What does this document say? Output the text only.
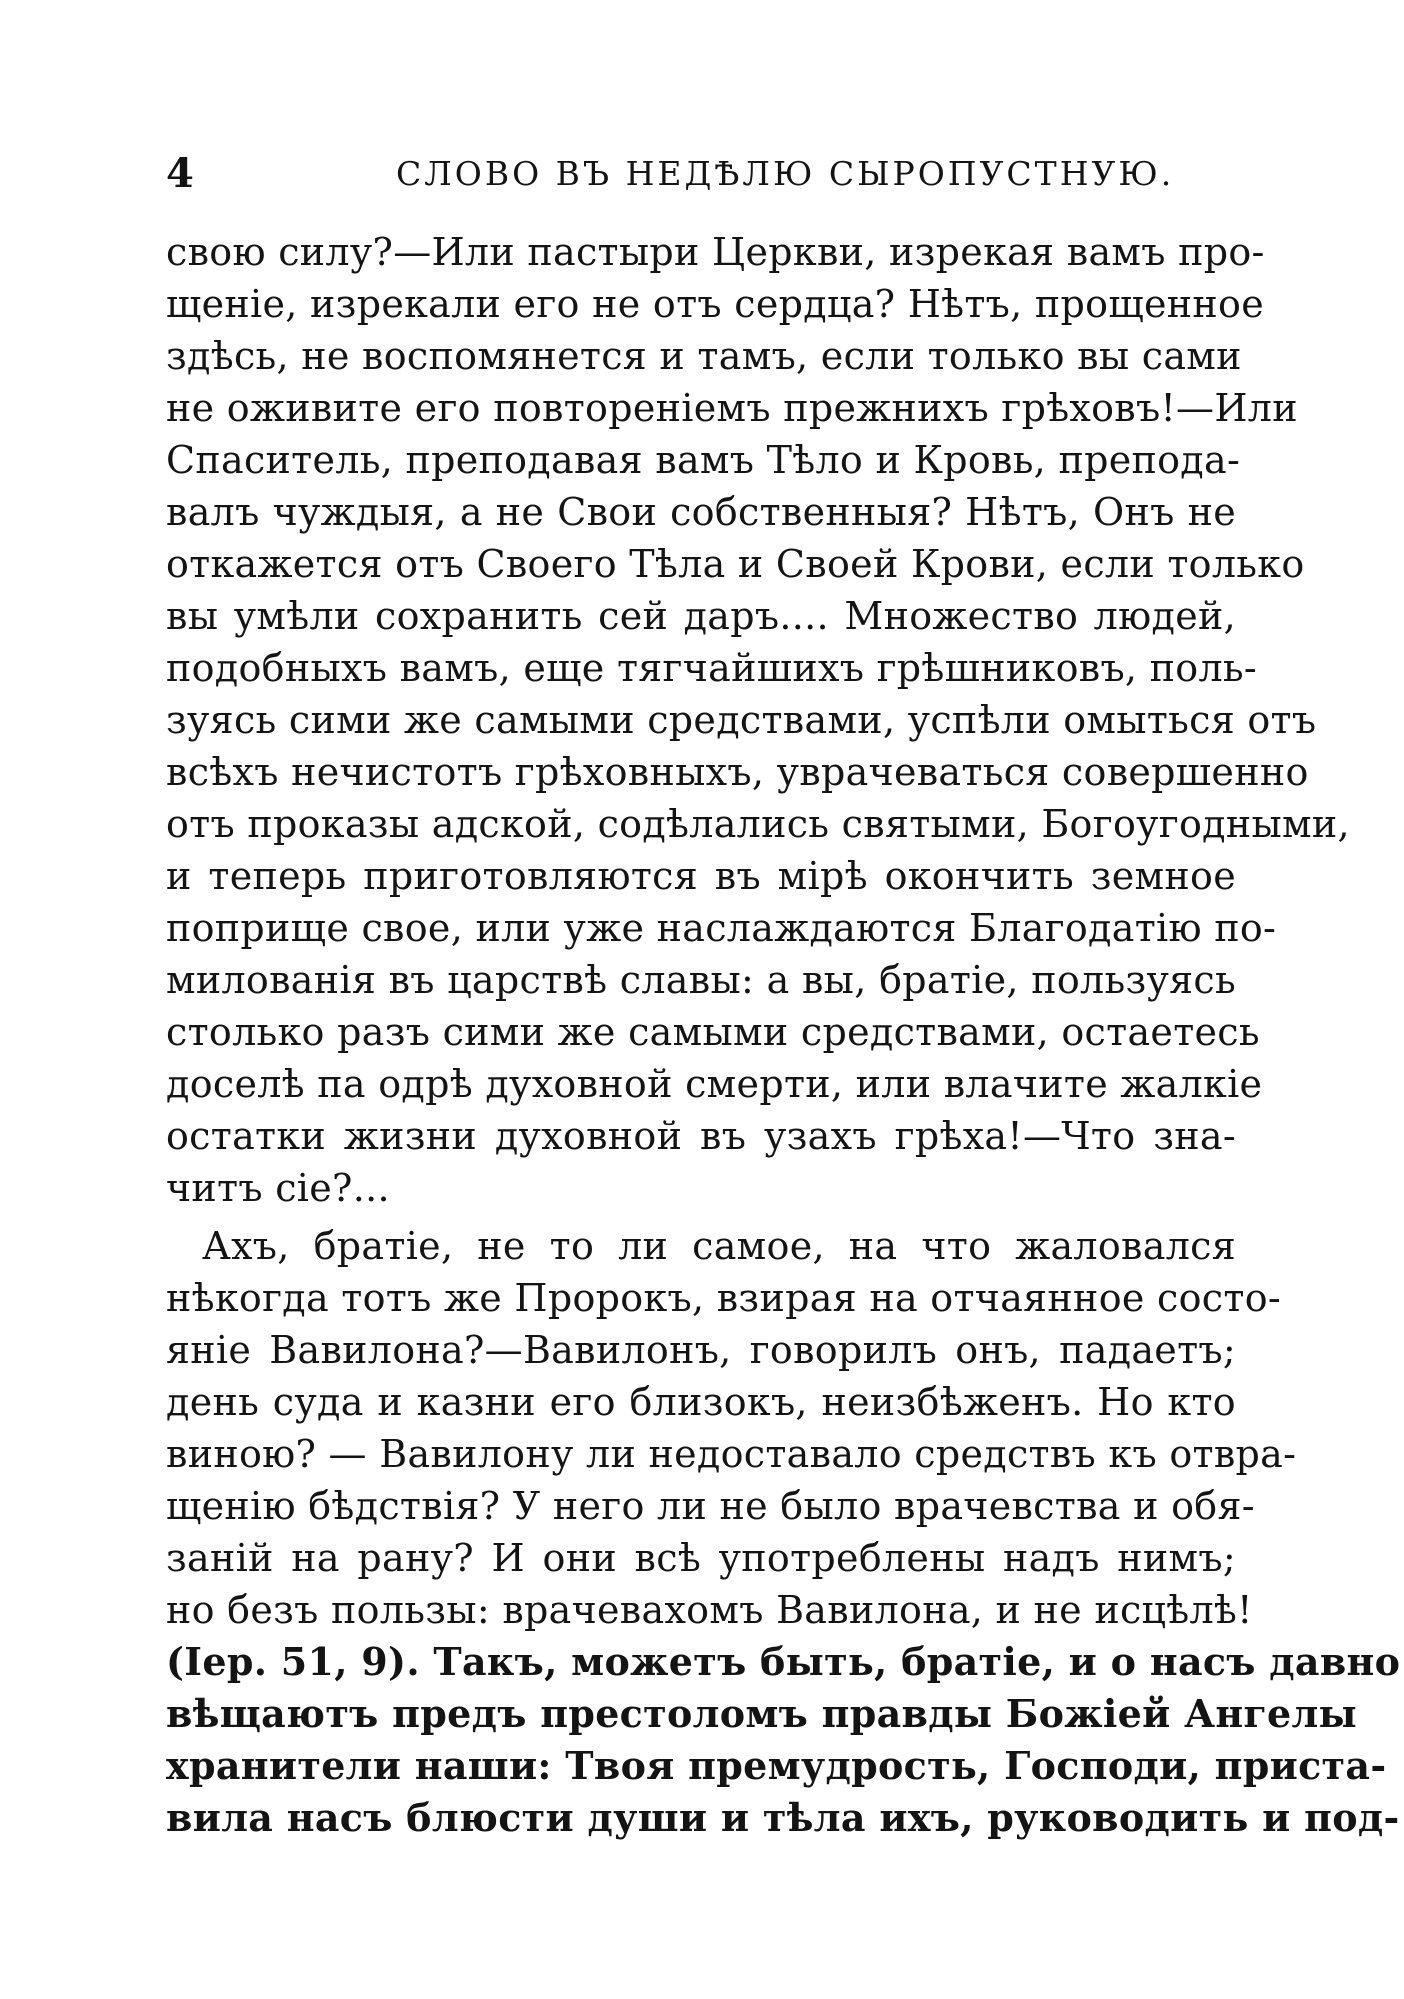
4	СЛОВО ВЪ НЕДѢЛЮ СЫРОПУСТНУЮ.
свою силу?—Или пастыри Церкви, изрекая вамъ про-
щеніе, изрекали его не отъ сердца? Нѣтъ, прощенное
здѣсь, не воспомянется и тамъ, если только вы сами
не оживите его повтореніемъ прежнихъ грѣховъ!—Или
Спаситель, преподавая вамъ Тѣло и Кровь, препода-
валъ чуждыя, а не Свои собственныя? Нѣтъ, Онъ не
откажется отъ Своего Тѣла и Своей Крови, если только
вы умѣли сохранить сей даръ.... Множество людей,
подобныхъ вамъ, еще тягчайшихъ грѣшниковъ, поль-
зуясь сими же самыми средствами, успѣли омыться отъ
всѣхъ нечистотъ грѣховныхъ, уврачеваться совершенно
отъ проказы адской, содѣлались святыми, Богоугодными,
и теперь приготовляются въ мірѣ окончить земное
поприще свое, или уже наслаждаются Благодатію по-
милованія въ царствѣ славы: а вы, братіе, пользуясь
столько разъ сими же самыми средствами, остаетесь
доселѣ па одрѣ духовной смерти, или влачите жалкіе
остатки жизни духовной въ узахъ грѣха!—Что зна-
читъ сіе?...
Ахъ, братіе, не то ли самое, на что жаловался
нѣкогда тотъ же Пророкъ, взирая на отчаянное состо-
яніе Вавилона?—Вавилонъ, говорилъ онъ, падаетъ;
день суда и казни его близокъ, неизбѣженъ. Но кто
виною? — Вавилону ли недоставало средствъ къ отвра-
щенію бѣдствія? У него ли не было врачевства и обя-
заній на рану? И они всѣ употреблены надъ нимъ;
но безъ пользы: врачевахомъ Вавилона, и не исцѣлѣ!
(Іер. 51, 9). Такъ, можетъ быть, братіе, и о насъ давно
вѣщаютъ предъ престоломъ правды Божіей Ангелы
хранители наши: Твоя премудрость, Господи, приста-
вила насъ блюсти души и тѣла ихъ, руководить и под-
